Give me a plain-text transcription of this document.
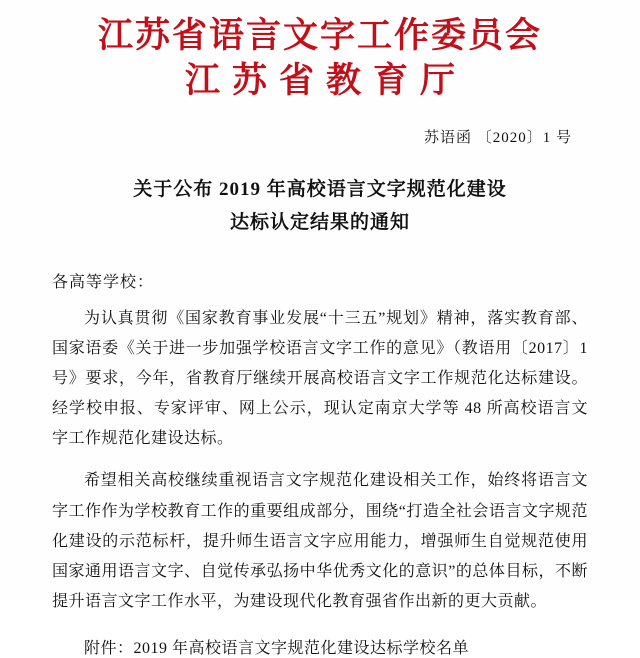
江苏省语言文字工作委员会
江苏省教育厅
苏语函 〔2020〕1 号
关于公布 2019 年高校语言文字规范化建设
达标认定结果的通知
各高等学校：
为认真贯彻《国家教育事业发展“十三五”规划》精神，落实教育部、国家语委《关于进一步加强学校语言文字工作的意见》（教语用〔2017〕1 号》要求，今年，省教育厅继续开展高校语言文字工作规范化达标建设。经学校申报、专家评审、网上公示，现认定南京大学等 48 所高校语言文字工作规范化建设达标。
希望相关高校继续重视语言文字规范化建设相关工作，始终将语言文字工作作为学校教育工作的重要组成部分，围绕“打造全社会语言文字规范化建设的示范标杆，提升师生语言文字应用能力，增强师生自觉规范使用国家通用语言文字、自觉传承弘扬中华优秀文化的意识”的总体目标，不断提升语言文字工作水平，为建设现代化教育强省作出新的更大贡献。
附件：2019 年高校语言文字规范化建设达标学校名单
